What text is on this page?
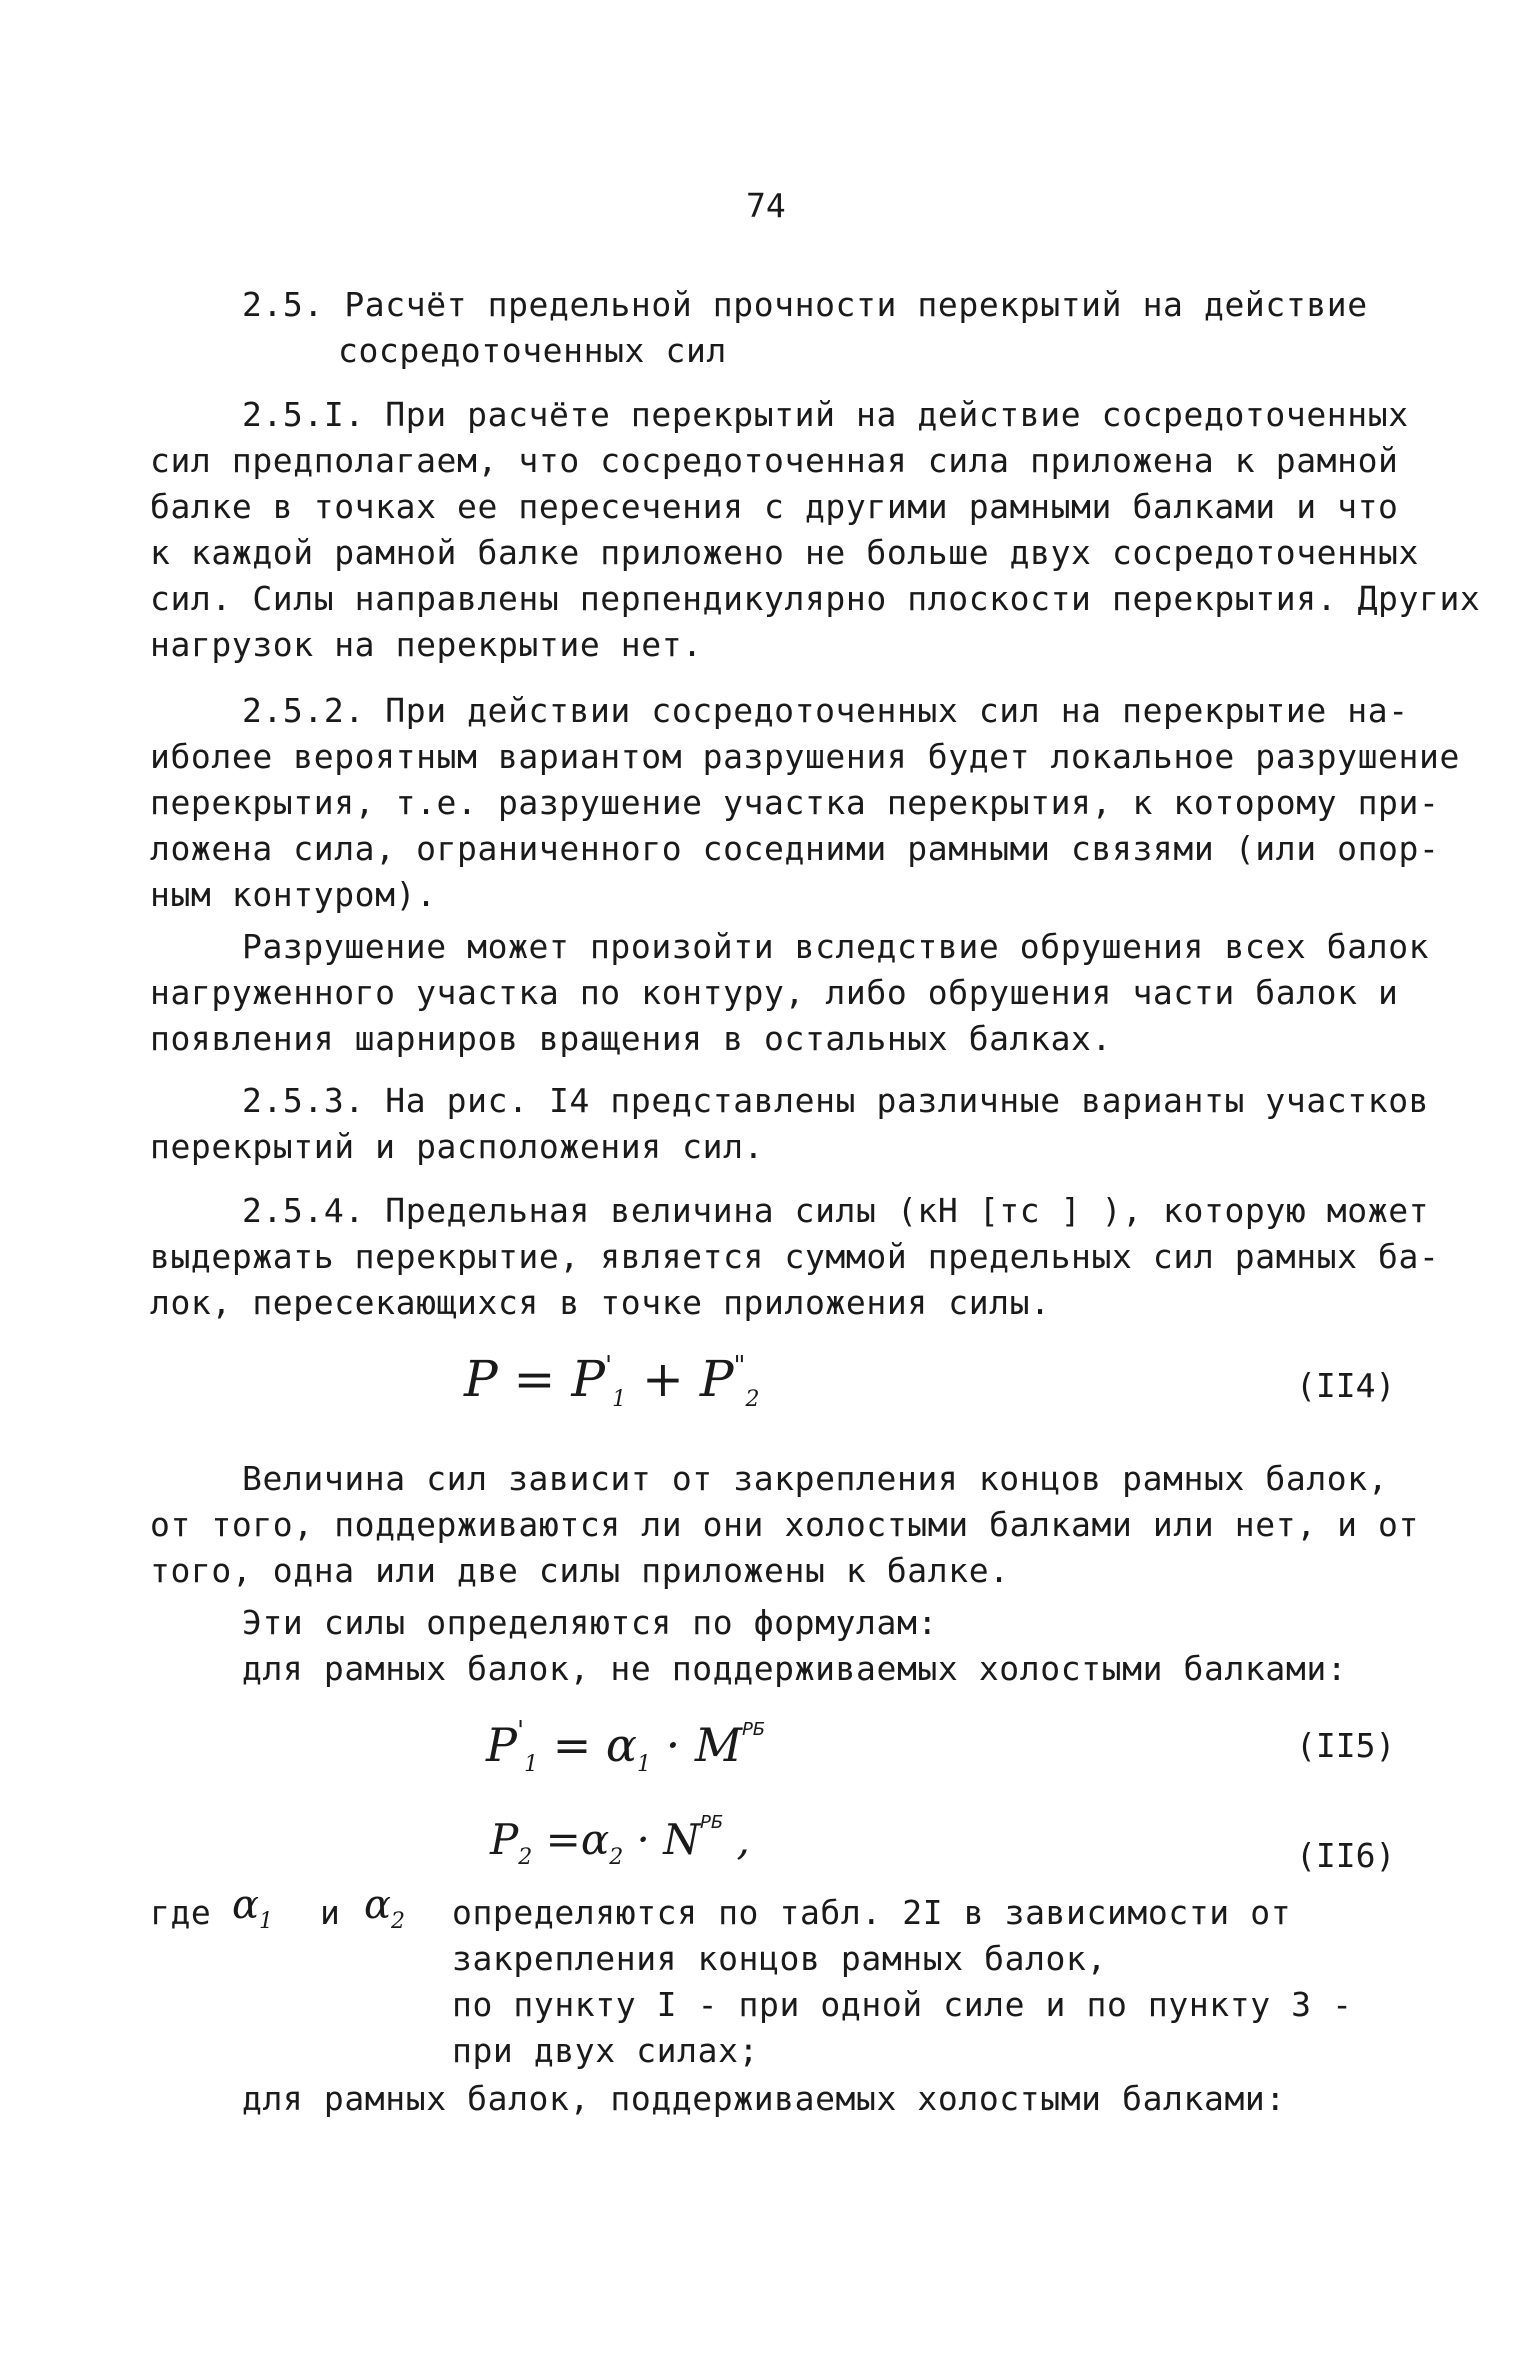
74
2.5. Расчёт предельной прочности перекрытий на действие
сосредоточенных сил
2.5.I. При расчёте перекрытий на действие сосредоточенных
сил предполагаем, что сосредоточенная сила приложена к рамной
балке в точках ее пересечения с другими рамными балками и что
к каждой рамной балке приложено не больше двух сосредоточенных
сил. Силы направлены перпендикулярно плоскости перекрытия. Других
нагрузок на перекрытие нет.
2.5.2. При действии сосредоточенных сил на перекрытие на-
иболее вероятным вариантом разрушения будет локальное разрушение
перекрытия, т.е. разрушение участка перекрытия, к которому при-
ложена сила, ограниченного соседними рамными связями (или опор-
ным контуром).
Разрушение может произойти вследствие обрушения всех балок
нагруженного участка по контуру, либо обрушения части балок и
появления шарниров вращения в остальных балках.
2.5.3. На рис. I4 представлены различные варианты участков
перекрытий и расположения сил.
2.5.4. Предельная величина силы (кН [тс ] ), которую может
выдержать перекрытие, является суммой предельных сил рамных ба-
лок, пересекающихся в точке приложения силы.
$P = P'_1 + P^"_2$	(II4)
Величина сил зависит от закрепления концов рамных балок,
от того, поддерживаются ли они холостыми балками или нет, и от
того, одна или две силы приложены к балке.
Эти силы определяются по формулам:
для рамных балок, не поддерживаемых холостыми балками:
$P'_1 = \alpha_1 \cdot M^{РБ}$	(II5)
$P_2 =\alpha_2 \cdot N^{РБ}$ ,	(II6)
где $\alpha_1$ и $\alpha_2$ определяются по табл. 2I в зависимости от
закрепления концов рамных балок,
по пункту I - при одной силе и по пункту 3 -
при двух силах;
для рамных балок, поддерживаемых холостыми балками:
